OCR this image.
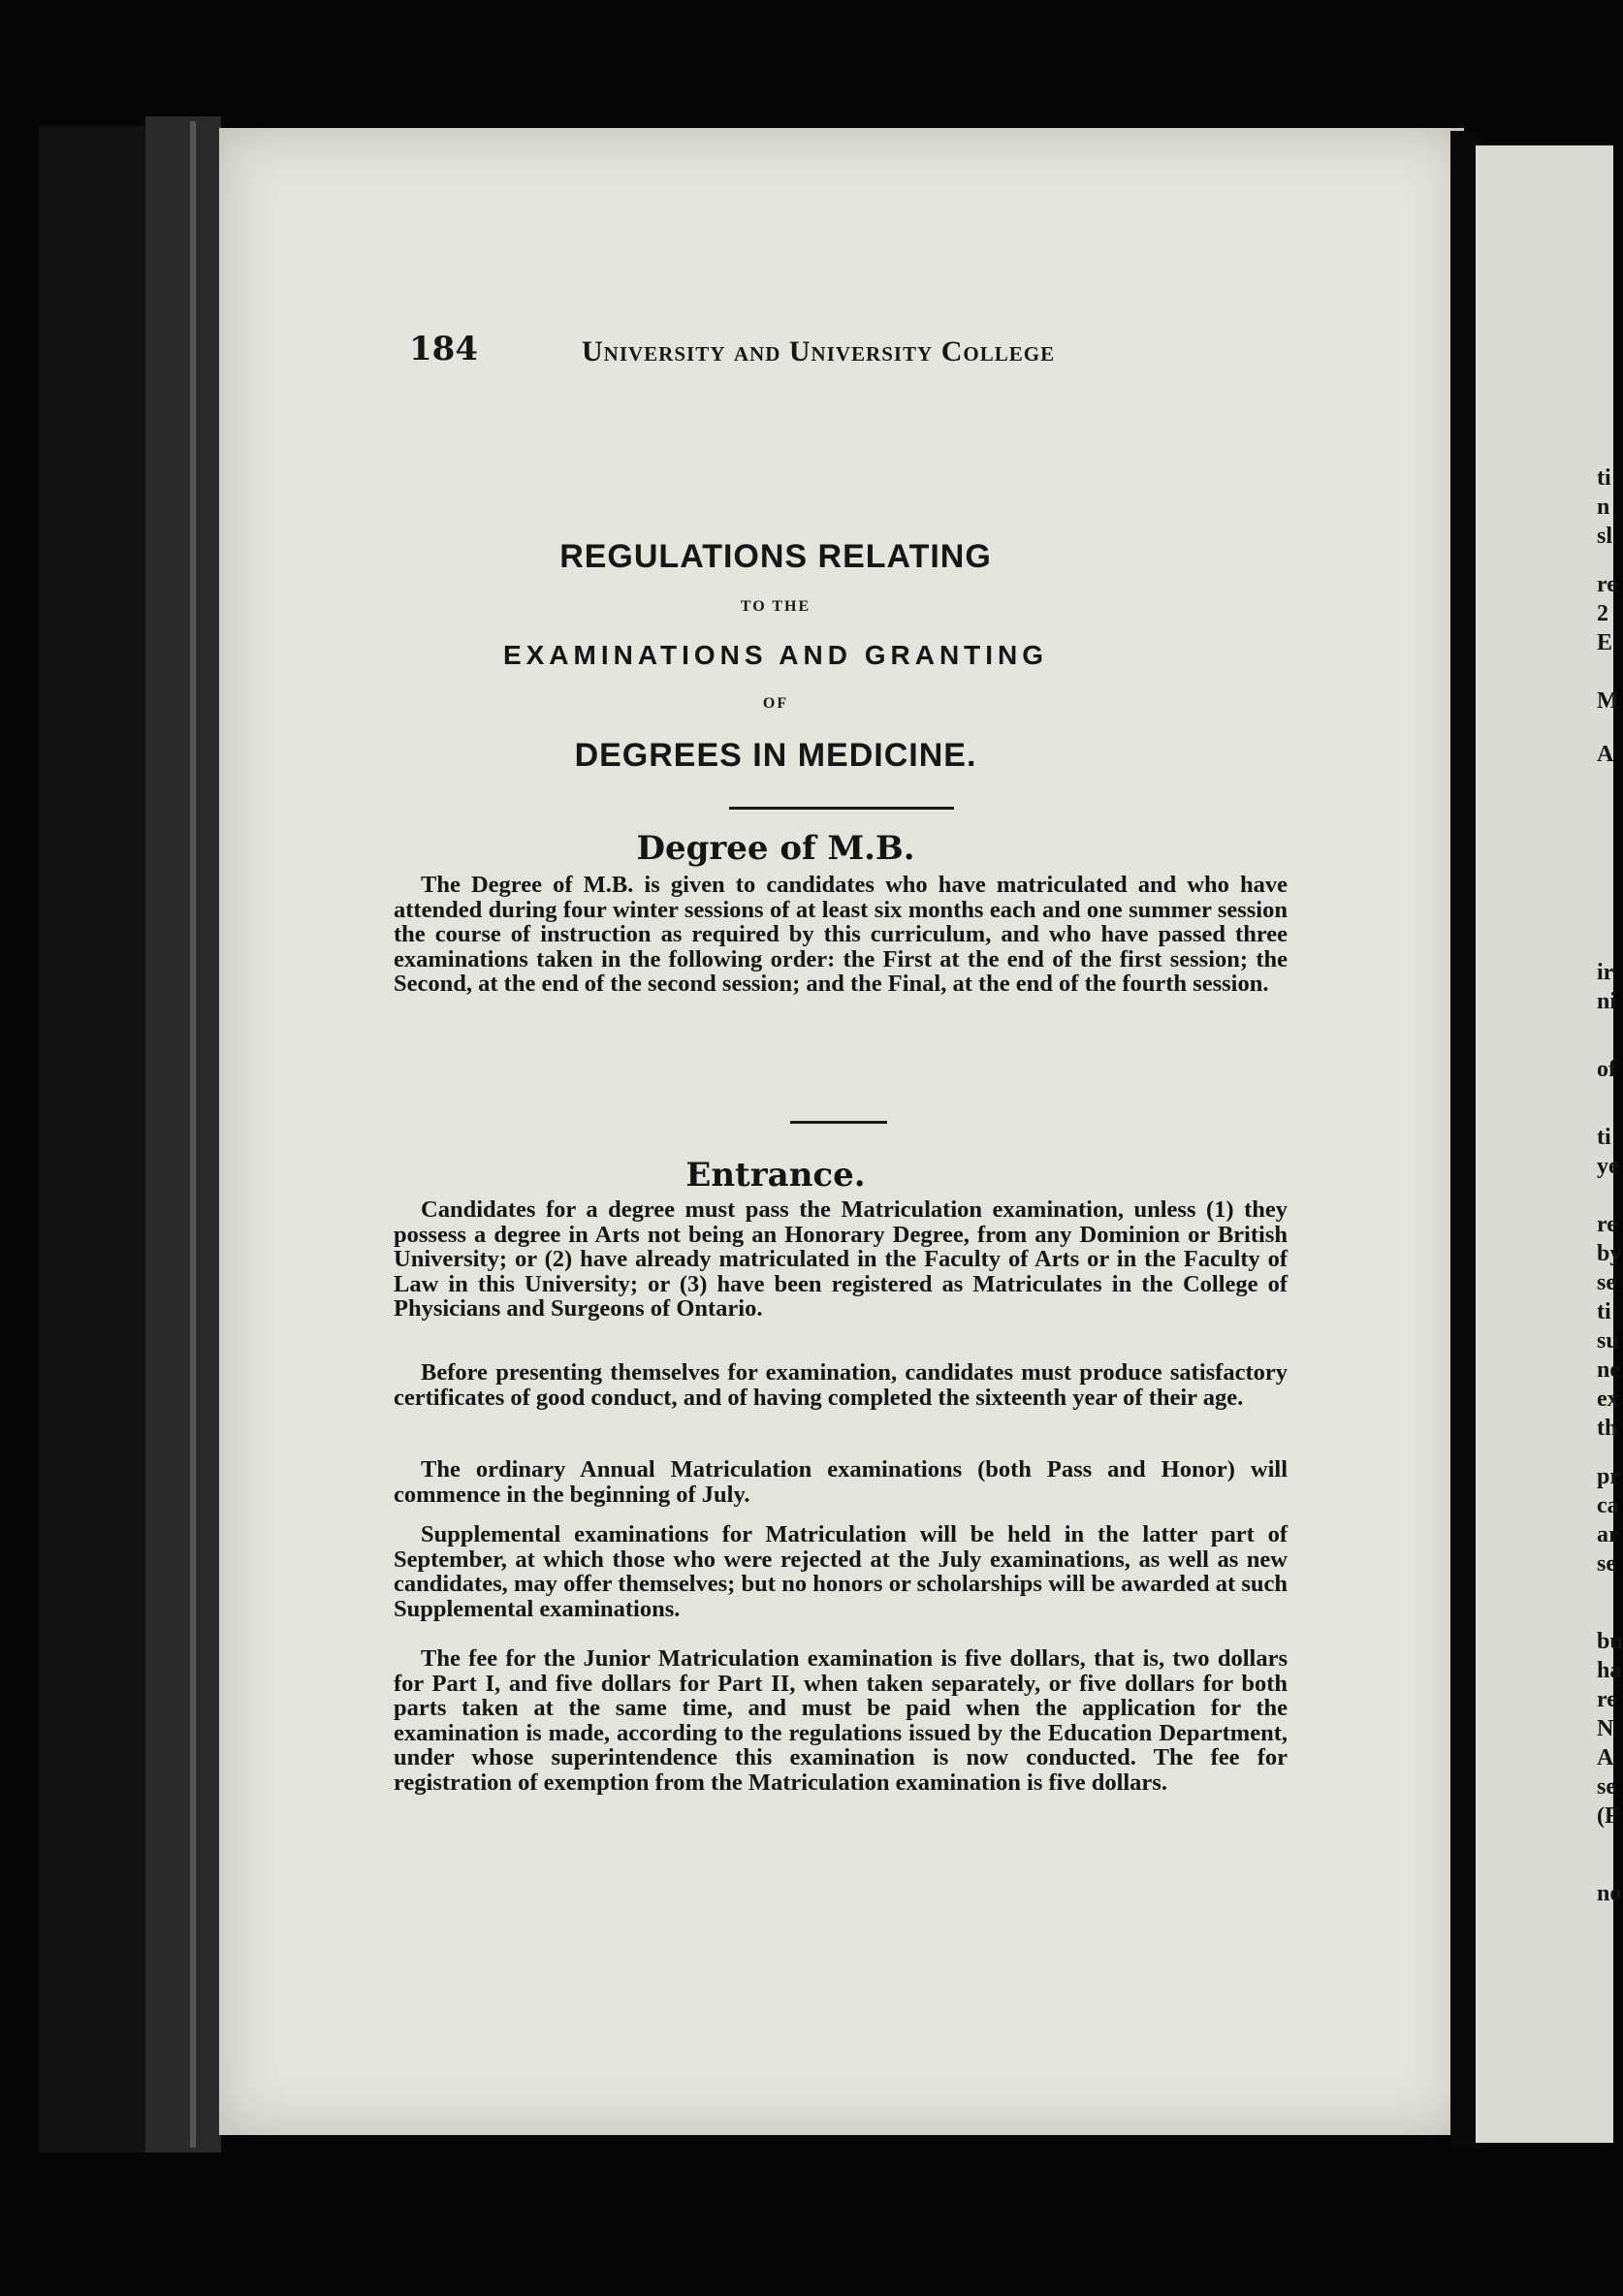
184	University and University College
REGULATIONS RELATING
TO THE
EXAMINATIONS AND GRANTING
OF
DEGREES IN MEDICINE.
Degree of M.B.
The Degree of M.B. is given to candidates who have matriculated and who have attended during four winter sessions of at least six months each and one summer session the course of instruction as required by this curriculum, and who have passed three examinations taken in the following order: the First at the end of the first session; the Second, at the end of the second session; and the Final, at the end of the fourth session.
Entrance.
Candidates for a degree must pass the Matriculation examination, unless (1) they possess a degree in Arts not being an Honorary Degree, from any Dominion or British University; or (2) have already matriculated in the Faculty of Arts or in the Faculty of Law in this University; or (3) have been registered as Matriculates in the College of Physicians and Surgeons of Ontario.
Before presenting themselves for examination, candidates must produce satisfactory certificates of good conduct, and of having completed the sixteenth year of their age.
The ordinary Annual Matriculation examinations (both Pass and Honor) will commence in the beginning of July.
Supplemental examinations for Matriculation will be held in the latter part of September, at which those who were rejected at the July examinations, as well as new candidates, may offer themselves; but no honors or scholarships will be awarded at such Supplemental examinations.
The fee for the Junior Matriculation examination is five dollars, that is, two dollars for Part I, and five dollars for Part II, when taken separately, or five dollars for both parts taken at the same time, and must be paid when the application for the examination is made, according to the regulations issued by the Education Department, under whose superintendence this examination is now conducted. The fee for registration of exemption from the Matriculation examination is five dollars.
ti
n
sl
re
2
E
M
A
ir
ni
of
ti
ye
re
by
se
ti
su
ne
ex
th
pr
ca
ar
se
bu
ha
re
N
A
se
(F
no
